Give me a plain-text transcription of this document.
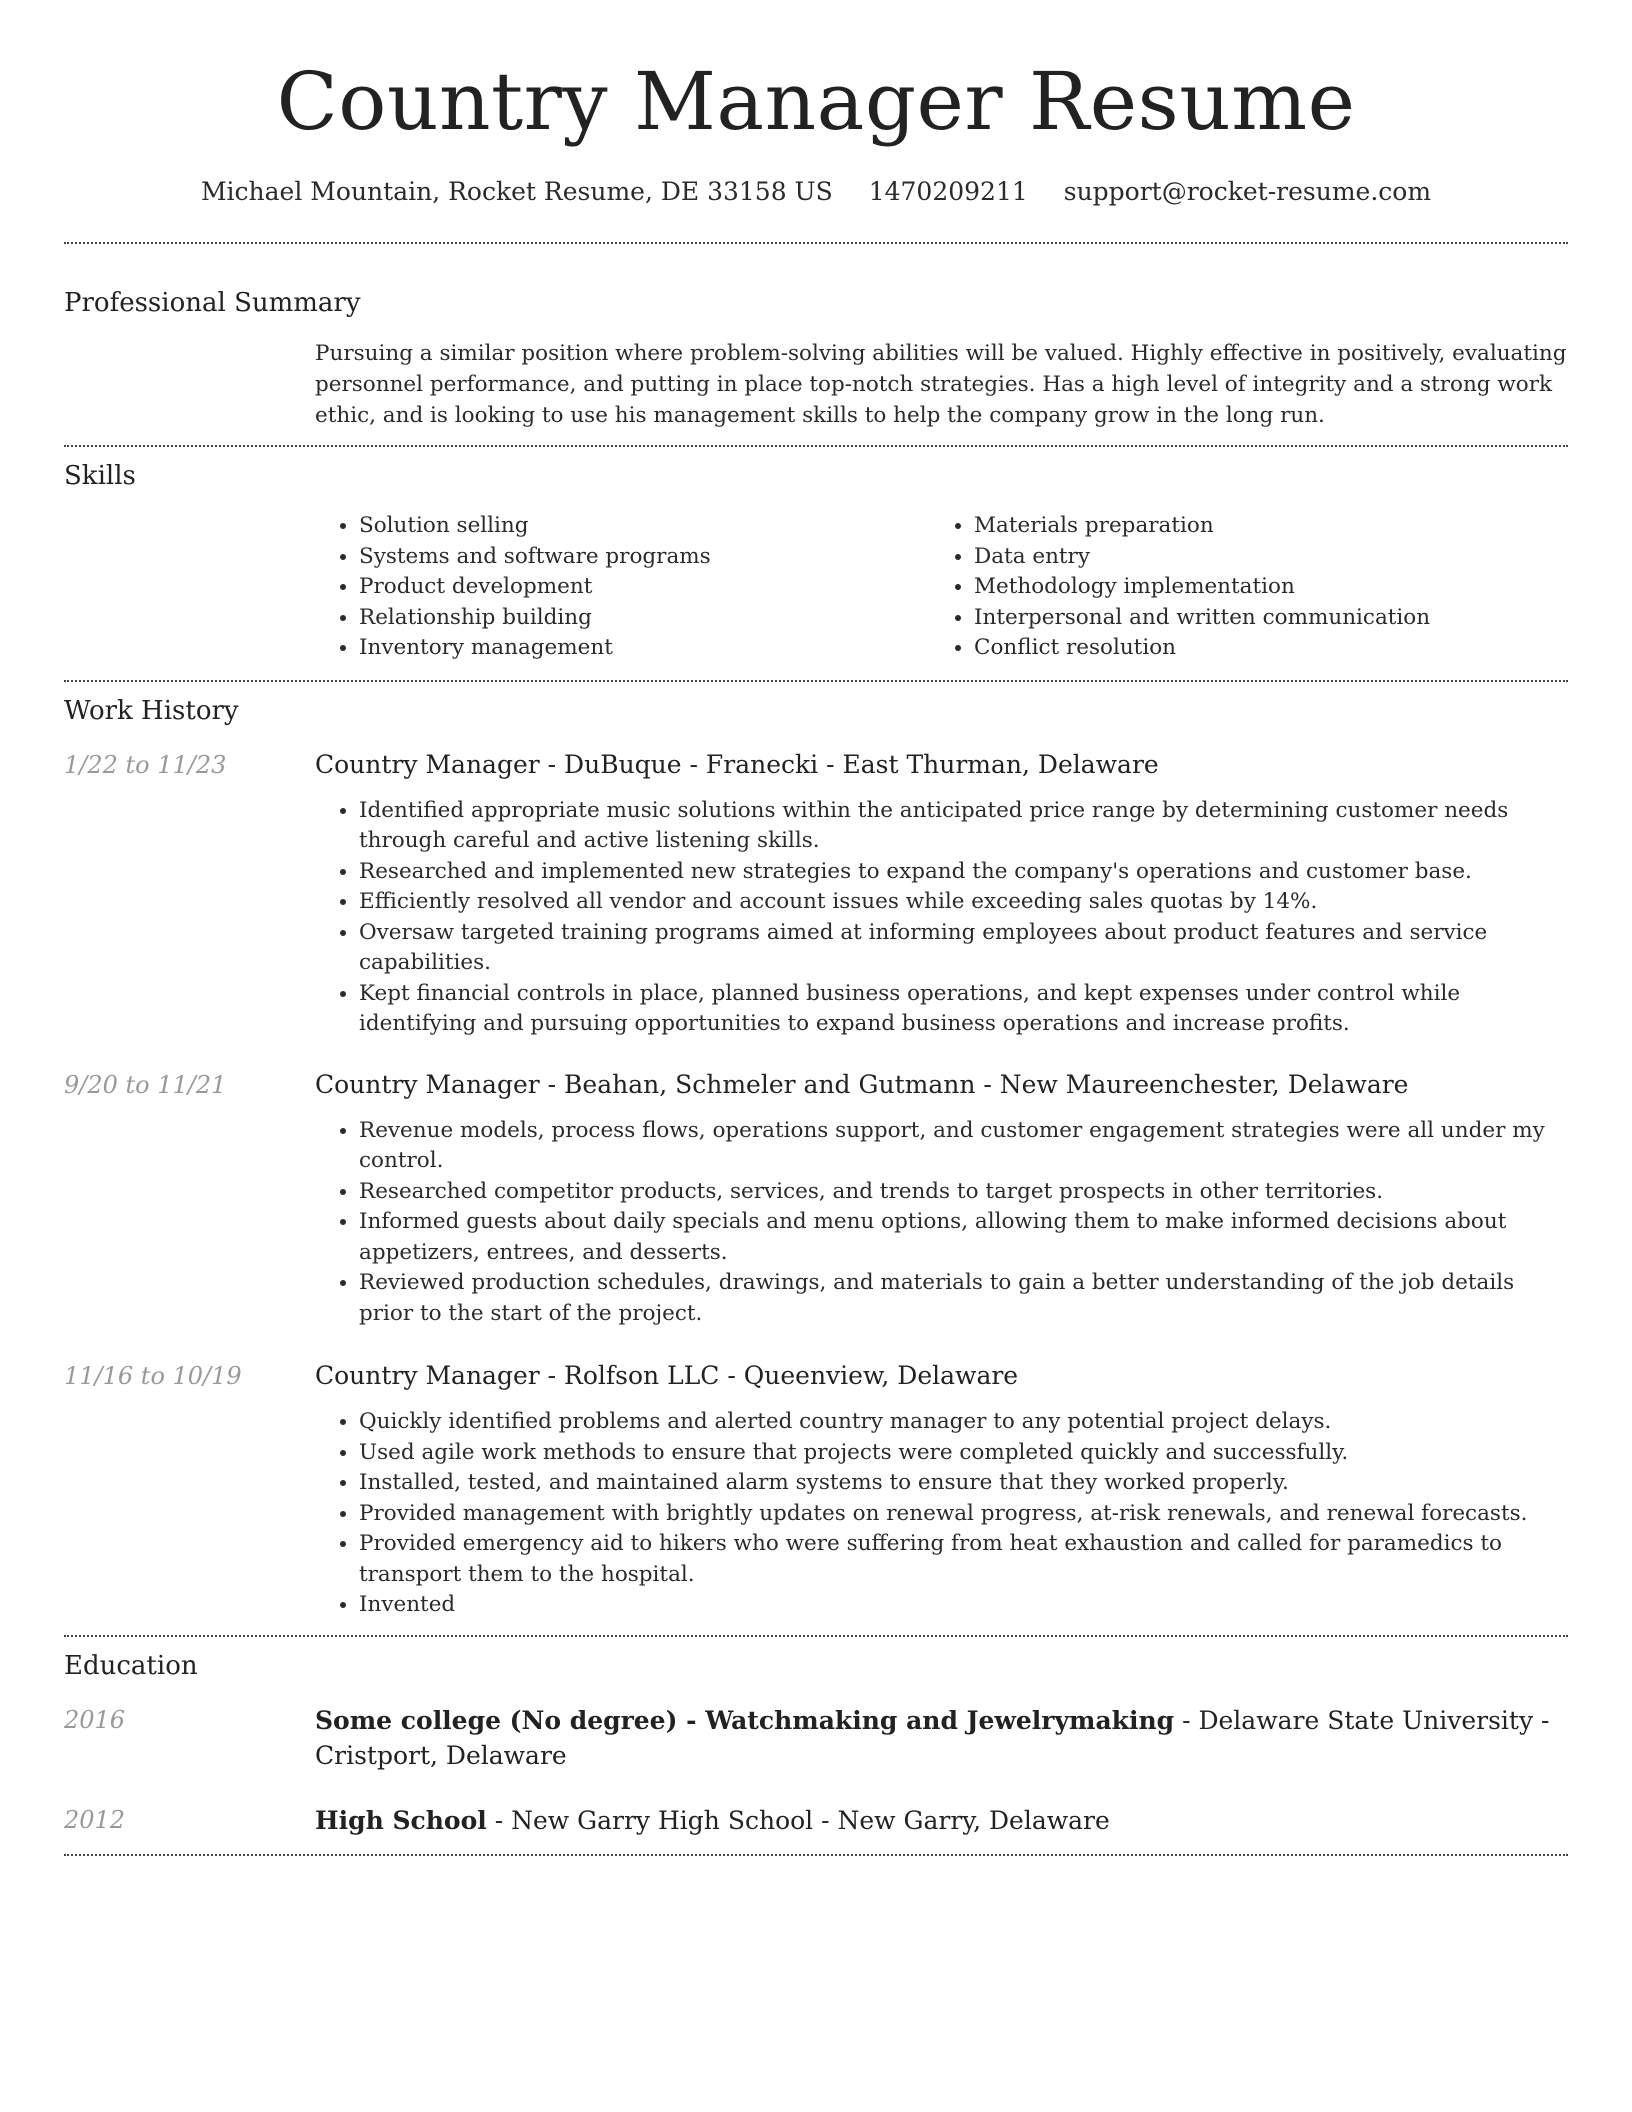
Country Manager Resume
Michael Mountain, Rocket Resume, DE 33158 US 1470209211 support@rocket-resume.com
Professional Summary
Pursuing a similar position where problem-solving abilities will be valued. Highly effective in positively, evaluating personnel performance, and putting in place top-notch strategies. Has a high level of integrity and a strong work ethic, and is looking to use his management skills to help the company grow in the long run.
Skills
• Solution selling
• Systems and software programs
• Product development
• Relationship building
• Inventory management
• Materials preparation
• Data entry
• Methodology implementation
• Interpersonal and written communication
• Conflict resolution
Work History
1/22 to 11/23	Country Manager - DuBuque - Franecki - East Thurman, Delaware
• Identified appropriate music solutions within the anticipated price range by determining customer needs through careful and active listening skills.
• Researched and implemented new strategies to expand the company's operations and customer base.
• Efficiently resolved all vendor and account issues while exceeding sales quotas by 14%.
• Oversaw targeted training programs aimed at informing employees about product features and service capabilities.
• Kept financial controls in place, planned business operations, and kept expenses under control while identifying and pursuing opportunities to expand business operations and increase profits.
9/20 to 11/21	Country Manager - Beahan, Schmeler and Gutmann - New Maureenchester, Delaware
• Revenue models, process flows, operations support, and customer engagement strategies were all under my control.
• Researched competitor products, services, and trends to target prospects in other territories.
• Informed guests about daily specials and menu options, allowing them to make informed decisions about appetizers, entrees, and desserts.
• Reviewed production schedules, drawings, and materials to gain a better understanding of the job details prior to the start of the project.
11/16 to 10/19	Country Manager - Rolfson LLC - Queenview, Delaware
• Quickly identified problems and alerted country manager to any potential project delays.
• Used agile work methods to ensure that projects were completed quickly and successfully.
• Installed, tested, and maintained alarm systems to ensure that they worked properly.
• Provided management with brightly updates on renewal progress, at-risk renewals, and renewal forecasts.
• Provided emergency aid to hikers who were suffering from heat exhaustion and called for paramedics to transport them to the hospital.
• Invented
Education
2016	Some college (No degree) - Watchmaking and Jewelrymaking - Delaware State University - Cristport, Delaware
2012	High School - New Garry High School - New Garry, Delaware
